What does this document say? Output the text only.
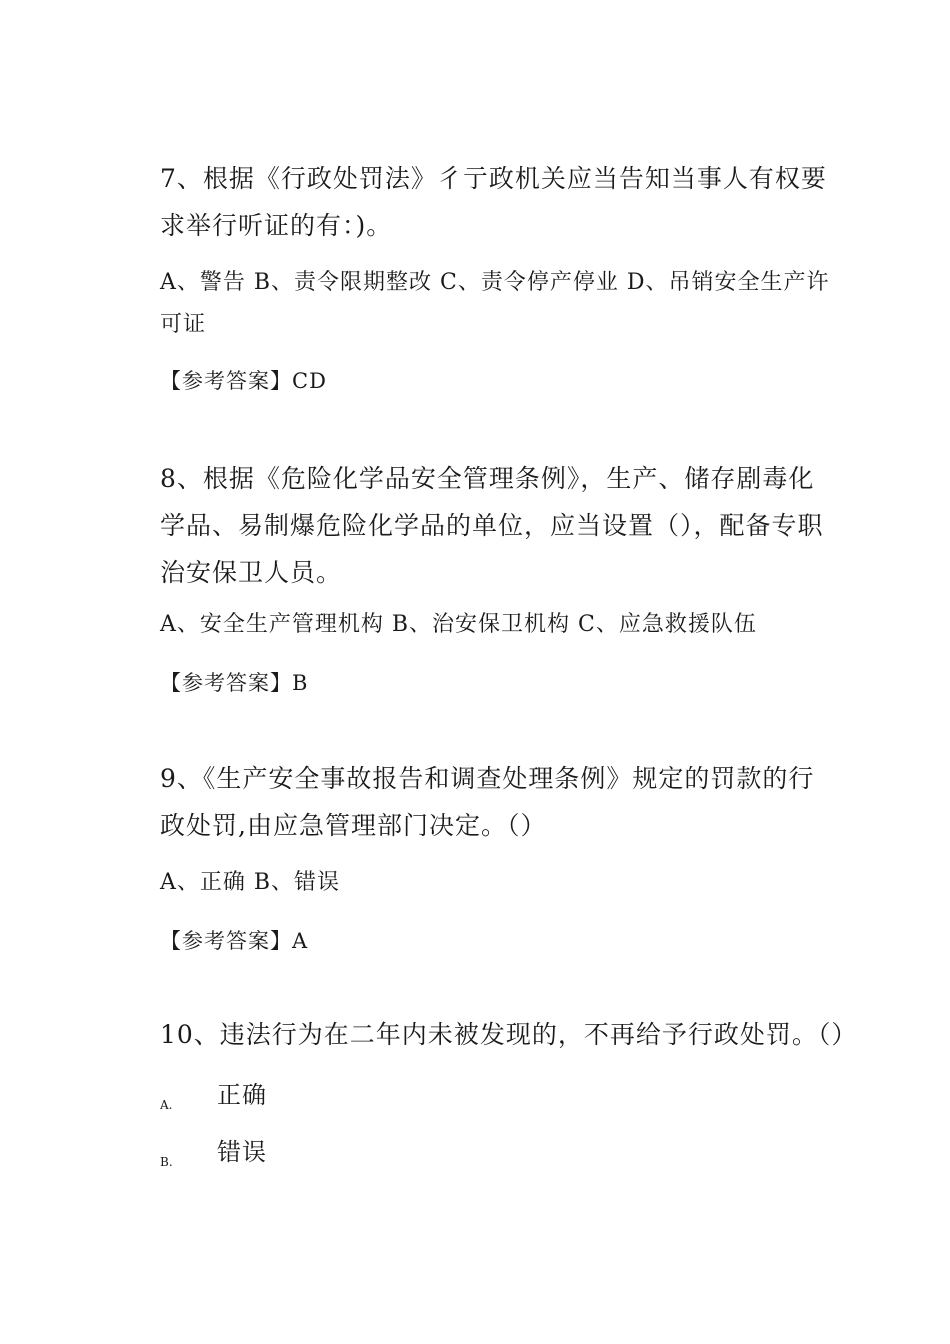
7、根据《行政处罚法》彳亍政机关应当告知当事人有权要求举行听证的有：)。
A、警告 B、责令限期整改 C、责令停产停业 D、吊销安全生产许可证
【参考答案】CD
8、根据《危险化学品安全管理条例》，生产、储存剧毒化学品、易制爆危险化学品的单位，应当设置（），配备专职治安保卫人员。
A、安全生产管理机构 B、治安保卫机构 C、应急救援队伍
【参考答案】B
9、《生产安全事故报告和调查处理条例》规定的罚款的行政处罚,由应急管理部门决定。（）
A、正确 B、错误
【参考答案】A
10、违法行为在二年内未被发现的，不再给予行政处罚。（）
A. 正确
B. 错误
